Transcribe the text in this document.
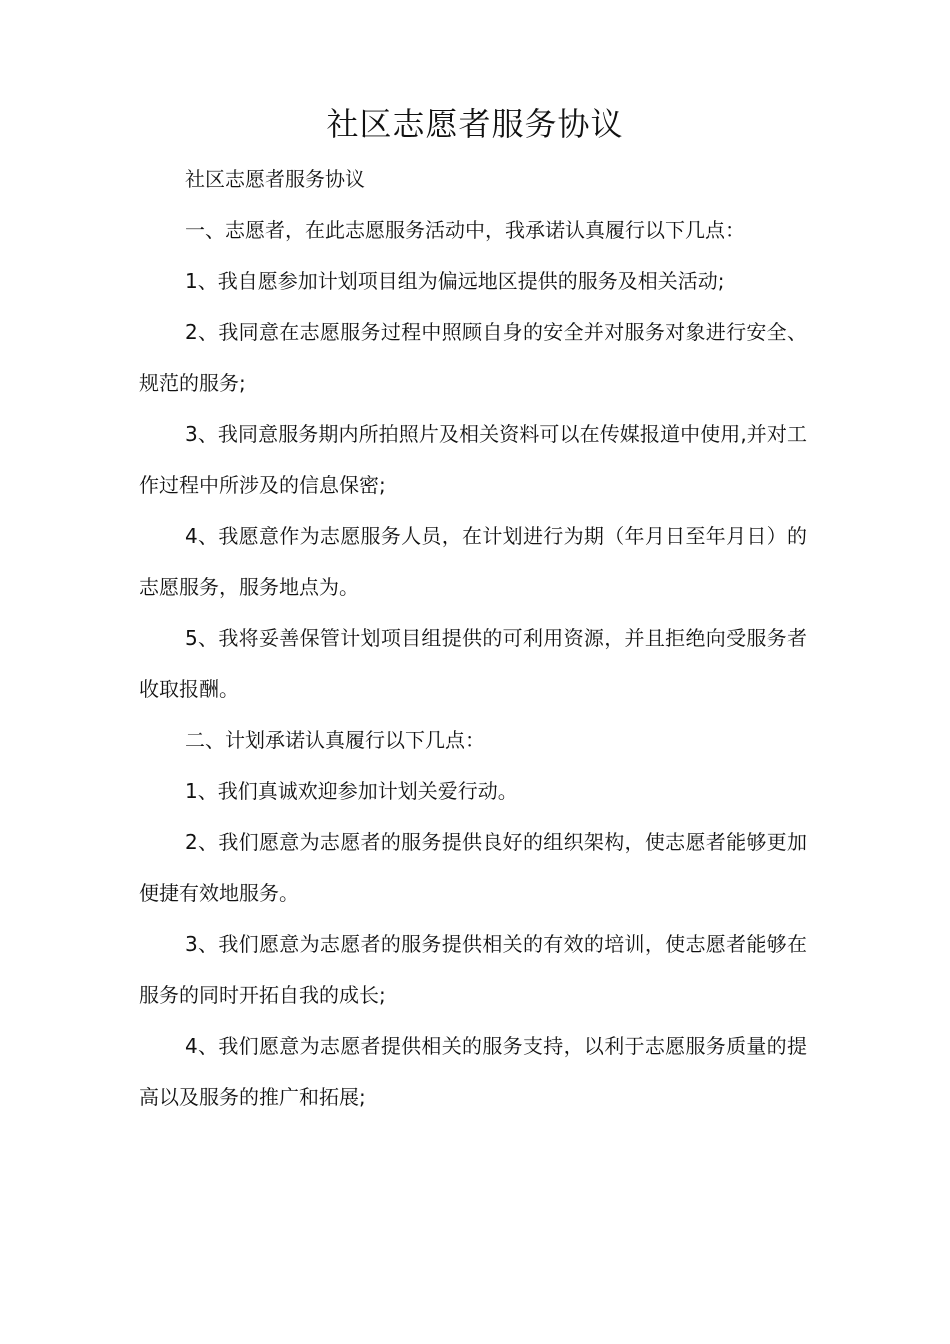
社区志愿者服务协议

社区志愿者服务协议

一、志愿者，在此志愿服务活动中，我承诺认真履行以下几点：

1、我自愿参加计划项目组为偏远地区提供的服务及相关活动;

2、我同意在志愿服务过程中照顾自身的安全并对服务对象进行安全、规范的服务;

3、我同意服务期内所拍照片及相关资料可以在传媒报道中使用,并对工作过程中所涉及的信息保密;

4、我愿意作为志愿服务人员，在计划进行为期（年月日至年月日）的志愿服务，服务地点为。

5、我将妥善保管计划项目组提供的可利用资源，并且拒绝向受服务者收取报酬。

二、计划承诺认真履行以下几点：

1、我们真诚欢迎参加计划关爱行动。

2、我们愿意为志愿者的服务提供良好的组织架构，使志愿者能够更加便捷有效地服务。

3、我们愿意为志愿者的服务提供相关的有效的培训，使志愿者能够在服务的同时开拓自我的成长;

4、我们愿意为志愿者提供相关的服务支持，以利于志愿服务质量的提高以及服务的推广和拓展;
